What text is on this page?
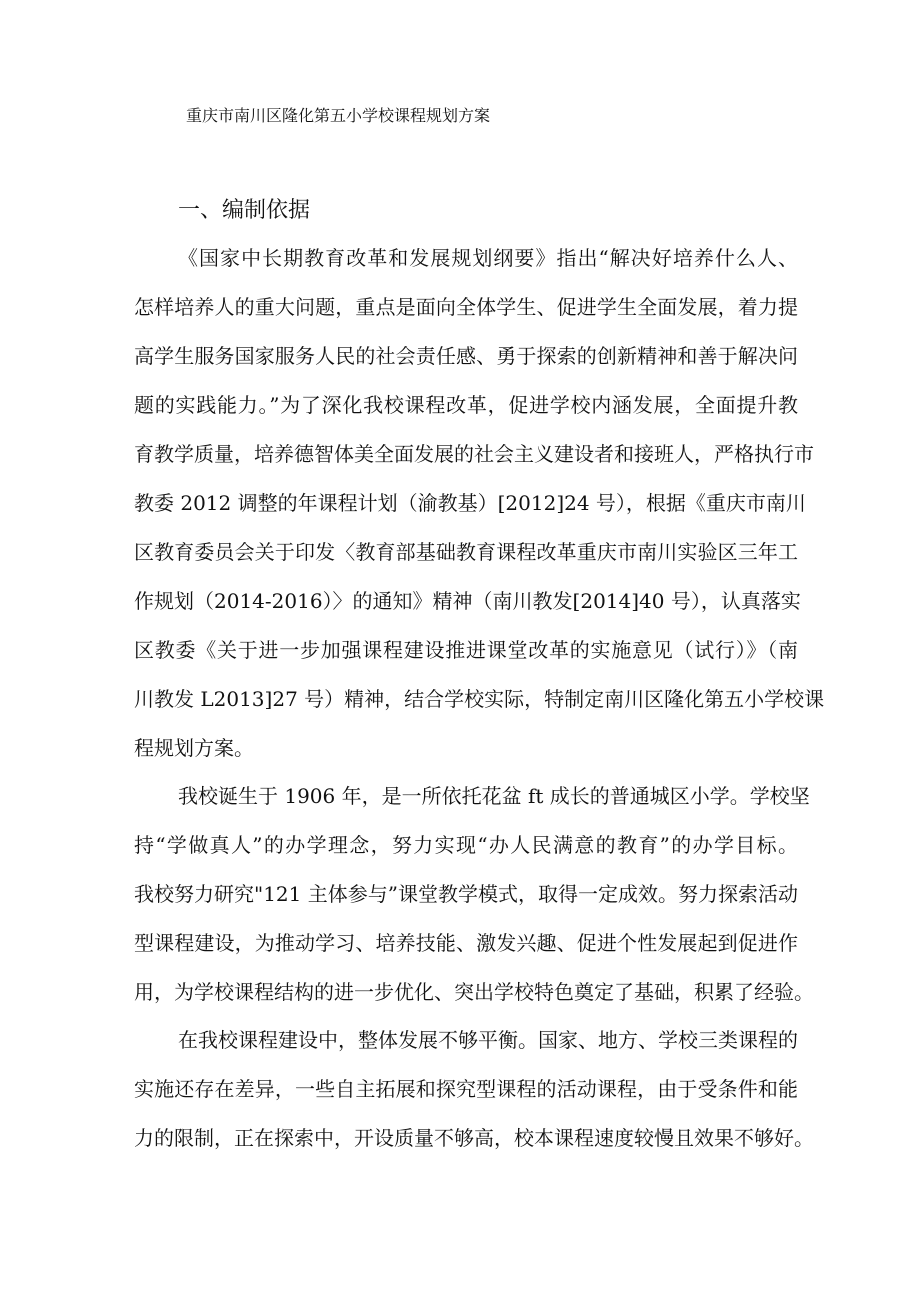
重庆市南川区隆化第五小学校课程规划方案
一、编制依据
《国家中长期教育改革和发展规划纲要》指出“解决好培养什么人、
怎样培养人的重大问题，重点是面向全体学生、促进学生全面发展，着力提
高学生服务国家服务人民的社会责任感、勇于探索的创新精神和善于解决问
题的实践能力。”为了深化我校课程改革，促进学校内涵发展，全面提升教
育教学质量，培养德智体美全面发展的社会主义建设者和接班人，严格执行市
教委 2012 调整的年课程计划（渝教基）[2012]24 号），根据《重庆市南川
区教育委员会关于印发〈教育部基础教育课程改革重庆市南川实验区三年工
作规划（2014-2016）〉的通知》精神（南川教发[2014]40 号），认真落实
区教委《关于进一步加强课程建设推进课堂改革的实施意见（试行）》（南
川教发 L2013]27 号）精神，结合学校实际，特制定南川区隆化第五小学校课
程规划方案。
我校诞生于 1906 年，是一所依托花盆 ft 成长的普通城区小学。学校坚
持“学做真人”的办学理念，努力实现“办人民满意的教育”的办学目标。
我校努力研究"121 主体参与”课堂教学模式，取得一定成效。努力探索活动
型课程建设，为推动学习、培养技能、激发兴趣、促进个性发展起到促进作
用，为学校课程结构的进一步优化、突出学校特色奠定了基础，积累了经验。
在我校课程建设中，整体发展不够平衡。国家、地方、学校三类课程的
实施还存在差异，一些自主拓展和探究型课程的活动课程，由于受条件和能
力的限制，正在探索中，开设质量不够高，校本课程速度较慢且效果不够好。
